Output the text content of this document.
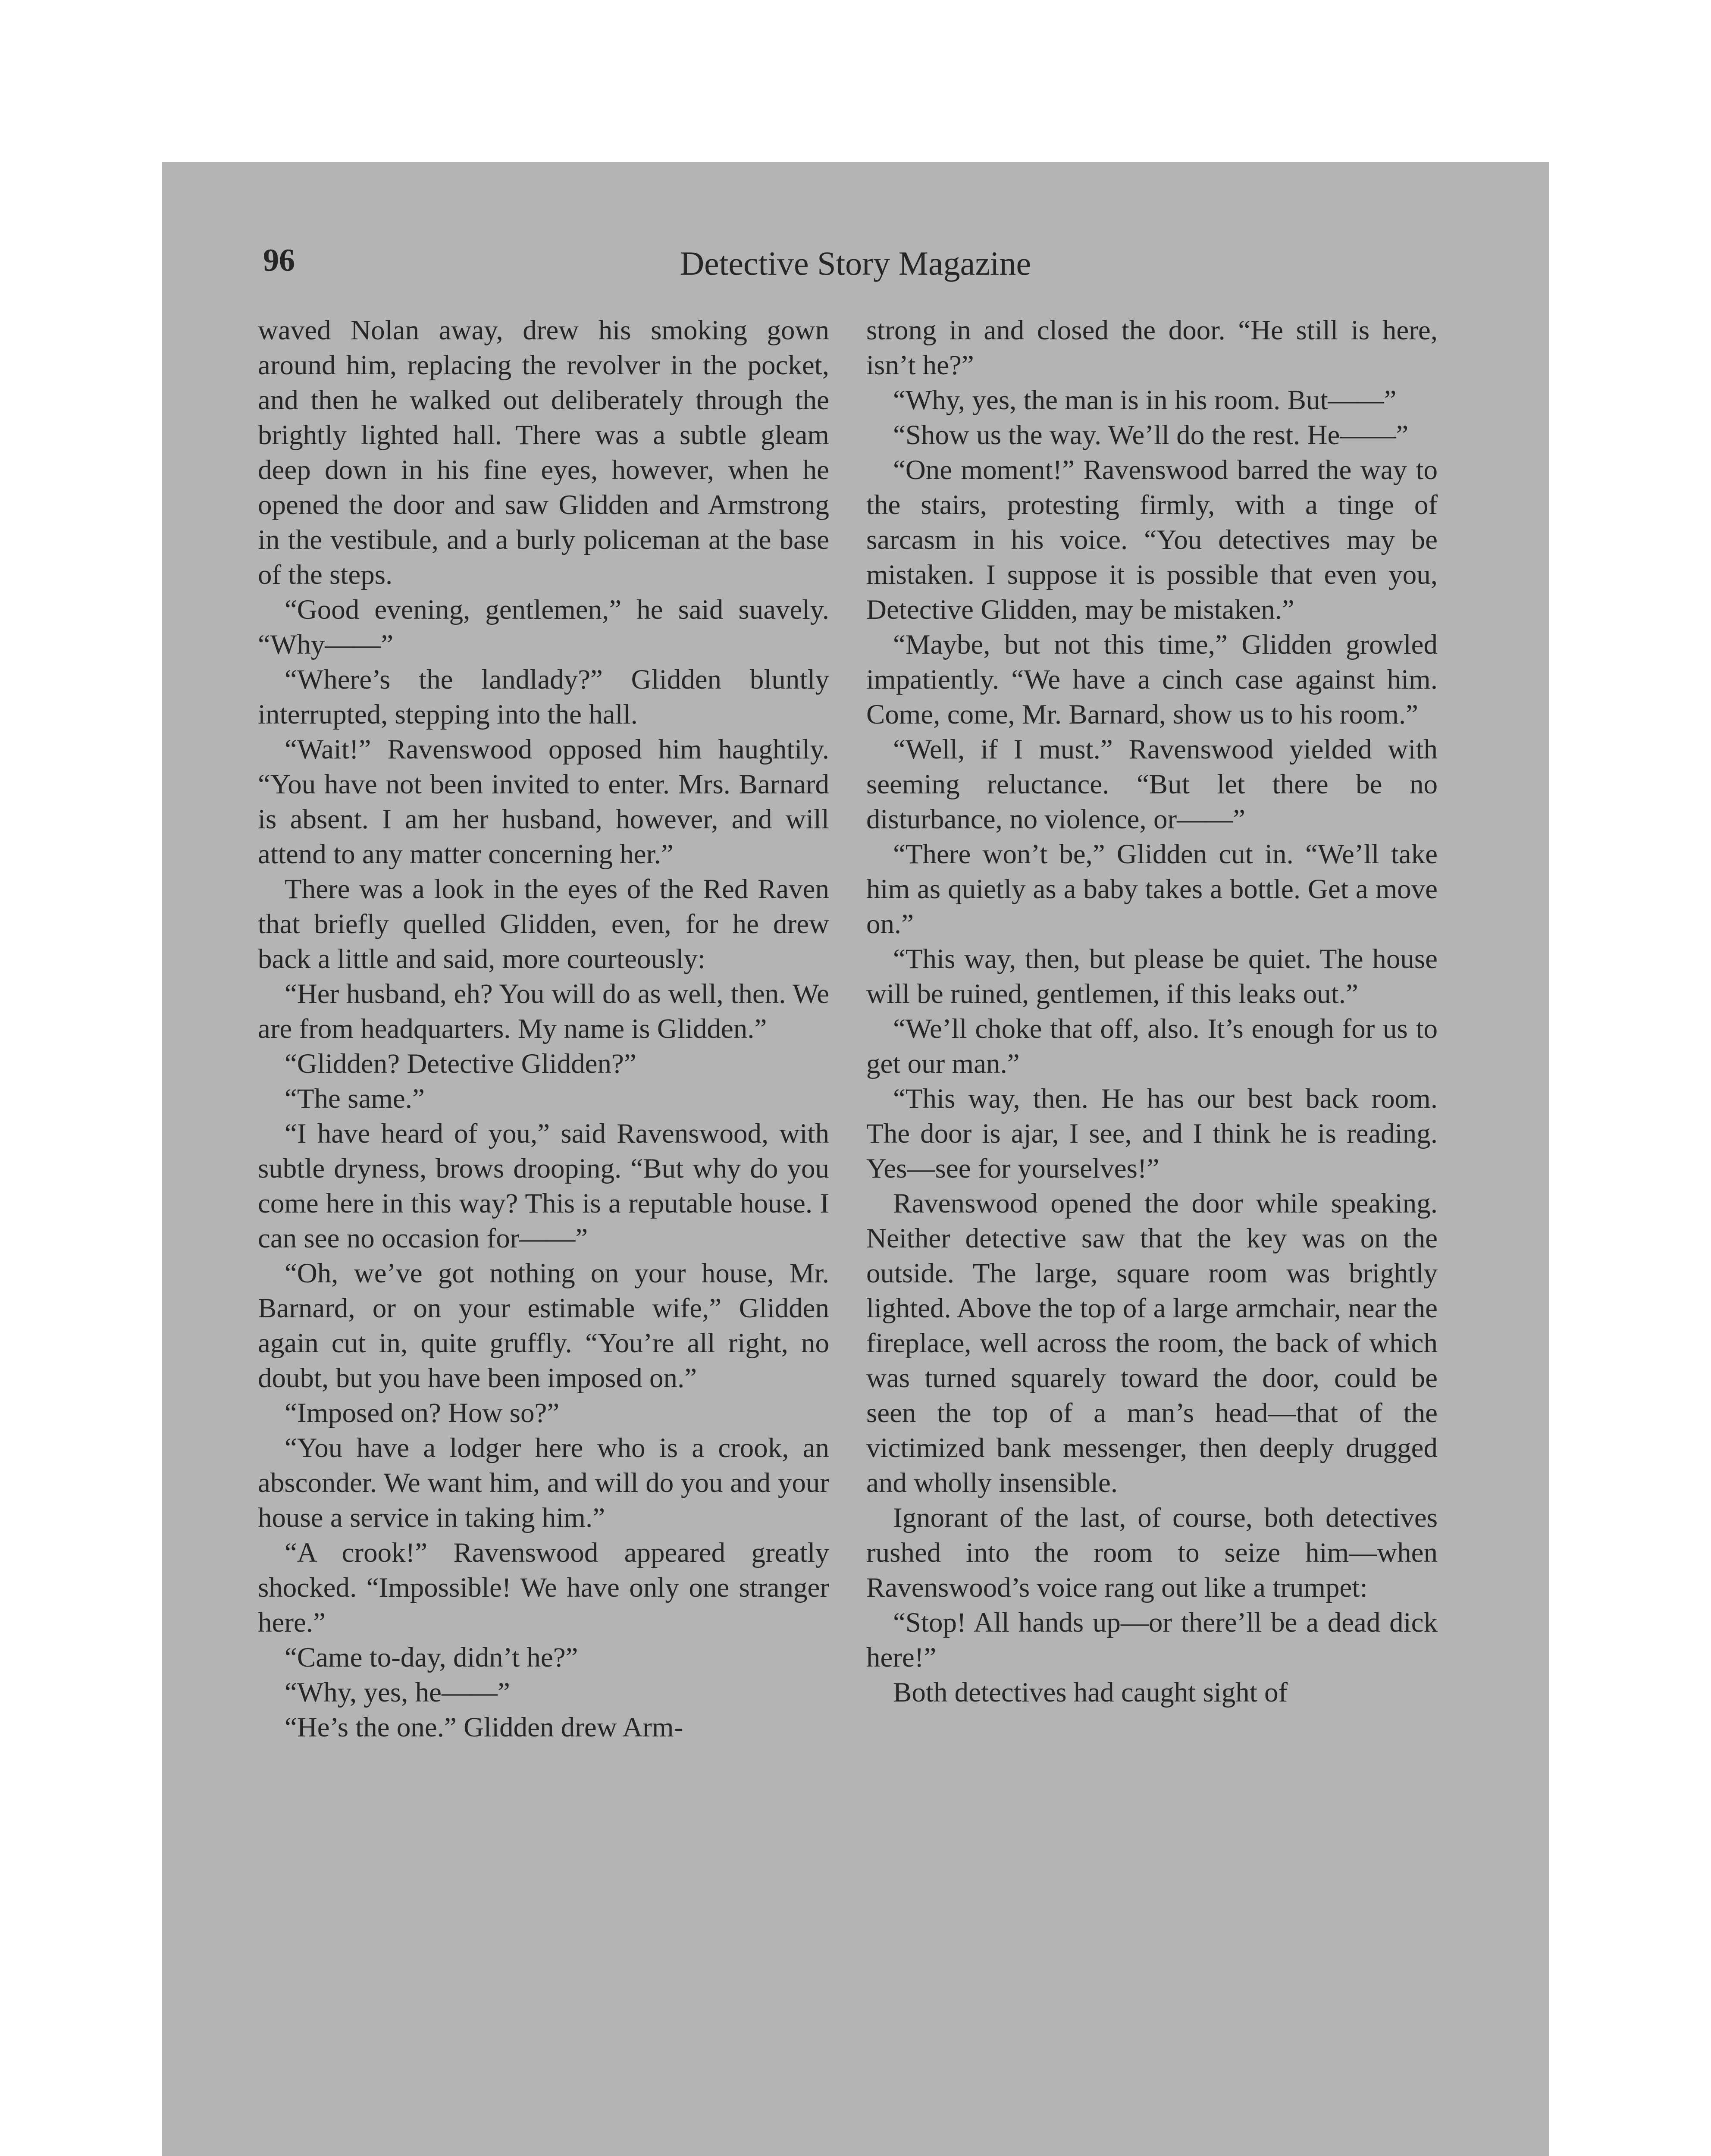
96	Detective Story Magazine

waved Nolan away, drew his smoking gown around him, replacing the revolver in the pocket, and then he walked out deliberately through the brightly lighted hall. There was a subtle gleam deep down in his fine eyes, however, when he opened the door and saw Glidden and Armstrong in the vestibule, and a burly policeman at the base of the steps.

“Good evening, gentlemen,” he said suavely. “Why——”

“Where’s the landlady?” Glidden bluntly interrupted, stepping into the hall.

“Wait!” Ravenswood opposed him haughtily. “You have not been invited to enter. Mrs. Barnard is absent. I am her husband, however, and will attend to any matter concerning her.”

There was a look in the eyes of the Red Raven that briefly quelled Glidden, even, for he drew back a little and said, more courteously:

“Her husband, eh? You will do as well, then. We are from headquarters. My name is Glidden.”

“Glidden? Detective Glidden?”

“The same.”

“I have heard of you,” said Ravenswood, with subtle dryness, brows drooping. “But why do you come here in this way? This is a reputable house. I can see no occasion for——”

“Oh, we’ve got nothing on your house, Mr. Barnard, or on your estimable wife,” Glidden again cut in, quite gruffly. “You’re all right, no doubt, but you have been imposed on.”

“Imposed on? How so?”

“You have a lodger here who is a crook, an absconder. We want him, and will do you and your house a service in taking him.”

“A crook!” Ravenswood appeared greatly shocked. “Impossible! We have only one stranger here.”

“Came to-day, didn’t he?”

“Why, yes, he——”

“He’s the one.” Glidden drew Arm-

strong in and closed the door. “He still is here, isn’t he?”

“Why, yes, the man is in his room. But——”

“Show us the way. We’ll do the rest. He——”

“One moment!” Ravenswood barred the way to the stairs, protesting firmly, with a tinge of sarcasm in his voice. “You detectives may be mistaken. I suppose it is possible that even you, Detective Glidden, may be mistaken.”

“Maybe, but not this time,” Glidden growled impatiently. “We have a cinch case against him. Come, come, Mr. Barnard, show us to his room.”

“Well, if I must.” Ravenswood yielded with seeming reluctance. “But let there be no disturbance, no violence, or——”

“There won’t be,” Glidden cut in. “We’ll take him as quietly as a baby takes a bottle. Get a move on.”

“This way, then, but please be quiet. The house will be ruined, gentlemen, if this leaks out.”

“We’ll choke that off, also. It’s enough for us to get our man.”

“This way, then. He has our best back room. The door is ajar, I see, and I think he is reading. Yes—see for yourselves!”

Ravenswood opened the door while speaking. Neither detective saw that the key was on the outside. The large, square room was brightly lighted. Above the top of a large armchair, near the fireplace, well across the room, the back of which was turned squarely toward the door, could be seen the top of a man’s head—that of the victimized bank messenger, then deeply drugged and wholly insensible.

Ignorant of the last, of course, both detectives rushed into the room to seize him—when Ravenswood’s voice rang out like a trumpet:

“Stop! All hands up—or there’ll be a dead dick here!”

Both detectives had caught sight of
